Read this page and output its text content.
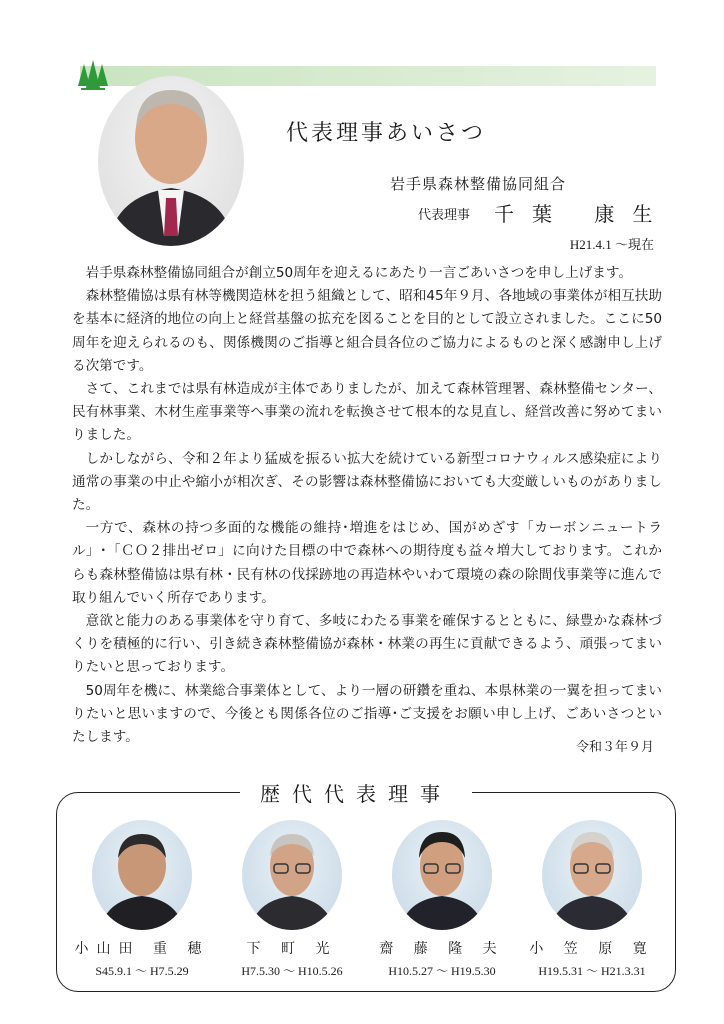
代表理事あいさつ
岩手県森林整備協同組合
代表理事 千葉 康生
H21.4.1 ～現在

岩手県森林整備協同組合が創立50周年を迎えるにあたり一言ごあいさつを申し上げます。

森林整備協は県有林等機関造林を担う組織として、昭和45年９月、各地域の事業体が相互扶助を基本に経済的地位の向上と経営基盤の拡充を図ることを目的として設立されました。ここに50周年を迎えられるのも、関係機関のご指導と組合員各位のご協力によるものと深く感謝申し上げる次第です。

さて、これまでは県有林造成が主体でありましたが、加えて森林管理署、森林整備センター、民有林事業、木材生産事業等へ事業の流れを転換させて根本的な見直し、経営改善に努めてまいりました。

しかしながら、令和２年より猛威を振るい拡大を続けている新型コロナウィルス感染症により通常の事業の中止や縮小が相次ぎ、その影響は森林整備協においても大変厳しいものがありました。

一方で、森林の持つ多面的な機能の維持･増進をはじめ、国がめざす「カーボンニュートラル」･「ＣＯ２排出ゼロ」に向けた目標の中で森林への期待度も益々増大しております。これからも森林整備協は県有林・民有林の伐採跡地の再造林やいわて環境の森の除間伐事業等に進んで取り組んでいく所存であります。

意欲と能力のある事業体を守り育て、多岐にわたる事業を確保するとともに、緑豊かな森林づくりを積極的に行い、引き続き森林整備協が森林・林業の再生に貢献できるよう、頑張ってまいりたいと思っております。

50周年を機に、林業総合事業体として、より一層の研鑽を重ね、本県林業の一翼を担ってまいりたいと思いますので、今後とも関係各位のご指導･ご支援をお願い申し上げ、ごあいさつといたします。

令和３年９月
歴代代表理事
小山田 重 穂
S45.9.1 ～ H7.5.29
下 町 光
H7.5.30 ～ H10.5.26
齋 藤 隆 夫
H10.5.27 ～ H19.5.30
小 笠 原 寛
H19.5.31 ～ H21.3.31
